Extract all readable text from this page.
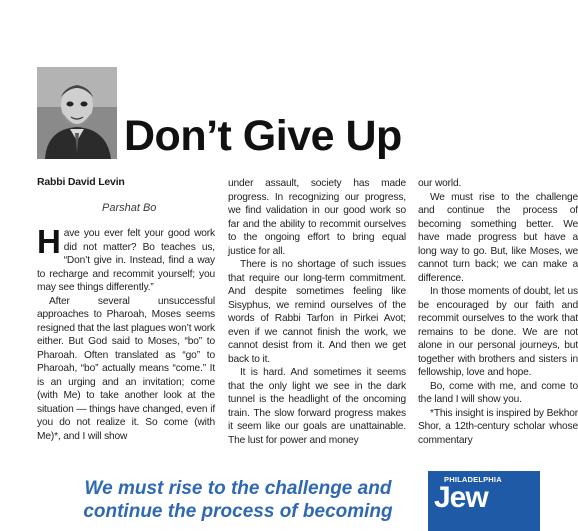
Don’t Give Up

Rabbi David Levin

Parshat Bo

Have you ever felt your good work did not matter? Bo teaches us, “Don’t give in. Instead, find a way to recharge and recommit yourself; you may see things differently.”

After several unsuccessful approaches to Pharoah, Moses seems resigned that the last plagues won’t work either. But God said to Moses, “bo” to Pharoah. Often translated as “go” to Pharoah, “bo” actually means “come.” It is an urging and an invitation; come (with Me) to take another look at the situation — things have changed, even if you do not realize it. So come (with Me)*, and I will show

under assault, society has made progress. In recognizing our progress, we find validation in our good work so far and the ability to recommit ourselves to the ongoing effort to bring equal justice for all.

There is no shortage of such issues that require our long-term commitment. And despite sometimes feeling like Sisyphus, we remind ourselves of the words of Rabbi Tarfon in Pirkei Avot; even if we cannot finish the work, we cannot desist from it. And then we get back to it.

It is hard. And sometimes it seems that the only light we see in the dark tunnel is the headlight of the oncoming train. The slow forward progress makes it seem like our goals are unattainable. The lust for power and money

our world.

We must rise to the challenge and continue the process of becoming something better. We have made progress but have a long way to go. But, like Moses, we cannot turn back; we can make a difference.

In those moments of doubt, let us be encouraged by our faith and recommit ourselves to the work that remains to be done. We are not alone in our personal journeys, but together with brothers and sisters in fellowship, love and hope.

Bo, come with me, and come to the land I will show you.

*This insight is inspired by Bekhor Shor, a 12th-century scholar whose commentary

We must rise to the challenge and continue the process of becoming

PHILADELPHIA
Jew
